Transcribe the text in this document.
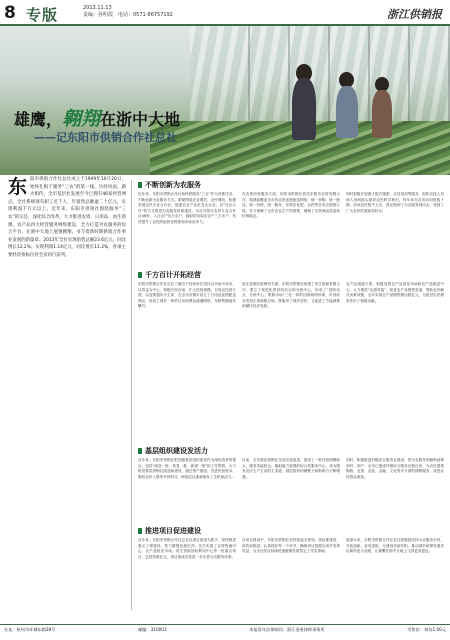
8 专版	2013.11.13
责编：孙明霞　电话：0571-86757192	浙江供销报
雄鹰，翱翔在浙中大地
——记东阳市供销合作社总社
东阳市供销合作社总社成立于1949年10月20日，始终扎根于服务“三农”的第一线，历经风雨，薪火相传，全市基层社发展至今已拥有46家经营网点。全社系统现有职工近千人，年销售总额逾二十亿元，实现利润千万元以上。近年来，东阳市供销社围绕服务“三农”的宗旨，深化综合改革，大力推进农资、日用品、再生资源、农产品四大经营服务网络建设，全力打造为农服务的综合平台，在浙中大地上展翅翱翔，书写着新时期供销合作事业发展的新篇章。2013年全社实现销售总额23.6亿元，同比增长12.2%；实现利润1.14亿元，同比增长11.2%，各项主要经济指标位居全省同行前列。
不断创新为农服务
近年来，东阳市供销合作社始终把服务“三农”作为首要任务，不断创新为农服务方式。紧紧围绕农业增效、农民增收，积极发展农民专业合作社，组建农业产业化龙头企业，以“社企合作”的方式推进为农服务体系建设。全社共领办农民专业合作社46家，入社农户达万余户，辐射带动周边农户三万多户，有效提升了农民的组织化程度和市场竞争力。
在农资经营服务方面，东阳市供销社依托东阳市农资有限公司，构建起覆盖全市的农资连锁配送网络，统一采购、统一配送、统一价格、统一服务，年供应化肥、农药等各类农资数万吨，有力保障了全市农业生产的需要，确保了农资商品质量和价格稳定。
同时积极开展测土配方施肥、农技培训等服务，组织农技人员深入田间地头指导农民科学种田，每年举办各类培训班数十期，培训农民数千人次，真正做到了为农服务到田头，受到了广大农民的欢迎和好评。
千方百计开拓经营
东阳市供销合作社总社下属各个经营单位坚持以市场为导向，以效益为中心，积极开拓市场，扩大经营规模。日用品经营方面，以连锁超市为主体，在全市各镇乡设立了日用品连锁配送网点，形成了城乡一体的日用消费品流通网络，年销售额逐年攀升。
再生资源回收利用方面，东阳市供销社组建了再生资源有限公司，建立了规范化的回收站点和分拣中心，形成了“回收站点、分拣中心、集散市场”三位一体的回收网络体系，年回收各类再生资源数万吨，既服务了城乡居民，又促进了节能减排和循环经济发展。
农产品流通方面，积极发展农产品批发市场和农产品配送中心，大力推进“农超对接”，拓宽农产品销售渠道，帮助农民解决卖难问题，全年实现农产品销售额达数亿元，为促进农民增收作出了积极贡献。
基层组织建设发活力
近年来，东阳市供销社把加强基层组织建设作为深化改革的重点，坚持“改造一批、恢复一批、新建一批”的工作思路，大力推进基层供销社改造和建设，通过资产重组、引进民营资本、吸收农民入股等多种形式，使基层社重新焕发了生机和活力。
目前，全市基层供销社全部完成改造，建成了一批经营规模较大、服务功能较全、辐射能力较强的综合性服务中心，成为服务农民生产生活的主渠道，基层组织的凝聚力和影响力不断增强。
同时，积极推进村级综合服务社建设，把为农服务的触角延伸到村、到户，全市已建成村级综合服务社数百家，为农民提供购物、农资、农技、金融、文化等多方面的便利服务，深受农民群众欢迎。
推进项目促进建设
近年来，东阳市供销合作社总社以项目建设为抓手，加快推进重点工程建设，着力增强发展后劲。先后实施了农资物流中心、农产品批发市场、再生资源回收利用中心等一批重点项目，总投资数亿元，项目建成后将进一步完善为农服务体系。
在项目建设中，东阳市供销社坚持高起点规划、高标准建设、高效率推进，认真抓好每一个环节，确保项目按期完成并发挥效益，为全社经济持续快速健康发展奠定了坚实基础。
展望未来，东阳市供销合作社总社将继续坚持为农服务宗旨，开拓创新，奋发进取，为建设美丽东阳、推动城乡统筹发展作出新的更大贡献，让雄鹰在浙中大地上飞得更高更远。
社址：杭州市环城东路28号	邮编：310003	本报常年法律顾问：浙江金道律师事务所	零售价：每份1.00元
